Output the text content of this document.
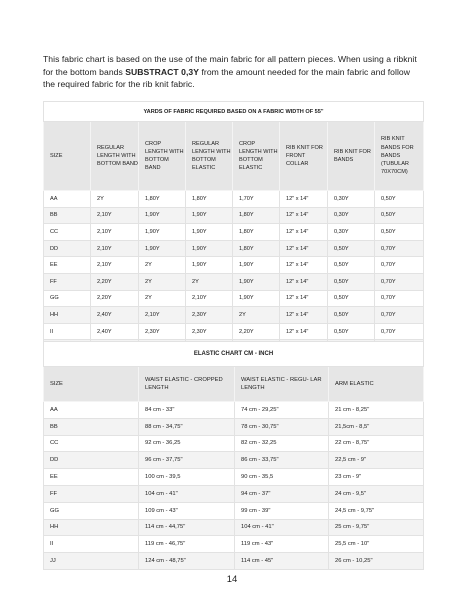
This fabric chart is based on the use of the main fabric for all pattern pieces. When using a ribknit for the bottom bands SUBSTRACT 0,3Y from the amount needed for the main fabric and follow the required fabric for the rib knit fabric.

YARDS OF FABRIC REQUIRED BASED ON A FABRIC WIDTH OF 55"							
SIZE	REGULAR LENGTH WITH BOTTOM BAND	CROP LENGTH WITH BOTTOM BAND	REGULAR LENGTH WITH BOTTOM ELASTIC	CROP LENGTH WITH BOTTOM ELASTIC	RIB KNIT FOR FRONT COLLAR	RIB KNIT FOR BANDS	RIB KNIT BANDS FOR BANDS (TUBULAR 70X70CM)
AA	2Y	1,80Y	1,80Y	1,70Y	12" x 14"	0,30Y	0,50Y
BB	2,10Y	1,90Y	1,90Y	1,80Y	12" x 14"	0,30Y	0,50Y
CC	2,10Y	1,90Y	1,90Y	1,80Y	12" x 14"	0,30Y	0,50Y
DD	2,10Y	1,90Y	1,90Y	1,80Y	12" x 14"	0,50Y	0,70Y
EE	2,10Y	2Y	1,90Y	1,90Y	12" x 14"	0,50Y	0,70Y
FF	2,20Y	2Y	2Y	1,90Y	12" x 14"	0,50Y	0,70Y
GG	2,20Y	2Y	2,10Y	1,90Y	12" x 14"	0,50Y	0,70Y
HH	2,40Y	2,10Y	2,30Y	2Y	12" x 14"	0,50Y	0,70Y
II	2,40Y	2,30Y	2,30Y	2,20Y	12" x 14"	0,50Y	0,70Y

ELASTIC CHART CM - INCH			
SIZE	WAIST ELASTIC - CROPPED LENGTH	WAIST ELASTIC - REGU- LAR LENGTH	ARM ELASTIC
AA	84 cm - 33"	74 cm - 29,25"	21 cm - 8,25"
BB	88 cm - 34,75"	78 cm - 30,75"	21,5cm - 8,5"
CC	92 cm - 36,25	82 cm - 32,25	22 cm - 8,75"
DD	96 cm - 37,75"	86 cm - 33,75"	22,5 cm - 9"
EE	100 cm - 39,5	90 cm - 35,5	23 cm - 9"
FF	104 cm - 41"	94 cm - 37"	24 cm - 9,5"
GG	109 cm - 43"	99 cm - 39"	24,5 cm - 9,75"
HH	114 cm - 44,75"	104 cm - 41"	25 cm - 9,75"
II	119 cm - 46,75"	119 cm - 43"	25,5 cm - 10"
JJ	124 cm - 48,75"	114 cm - 45"	26 cm - 10,25"
14
